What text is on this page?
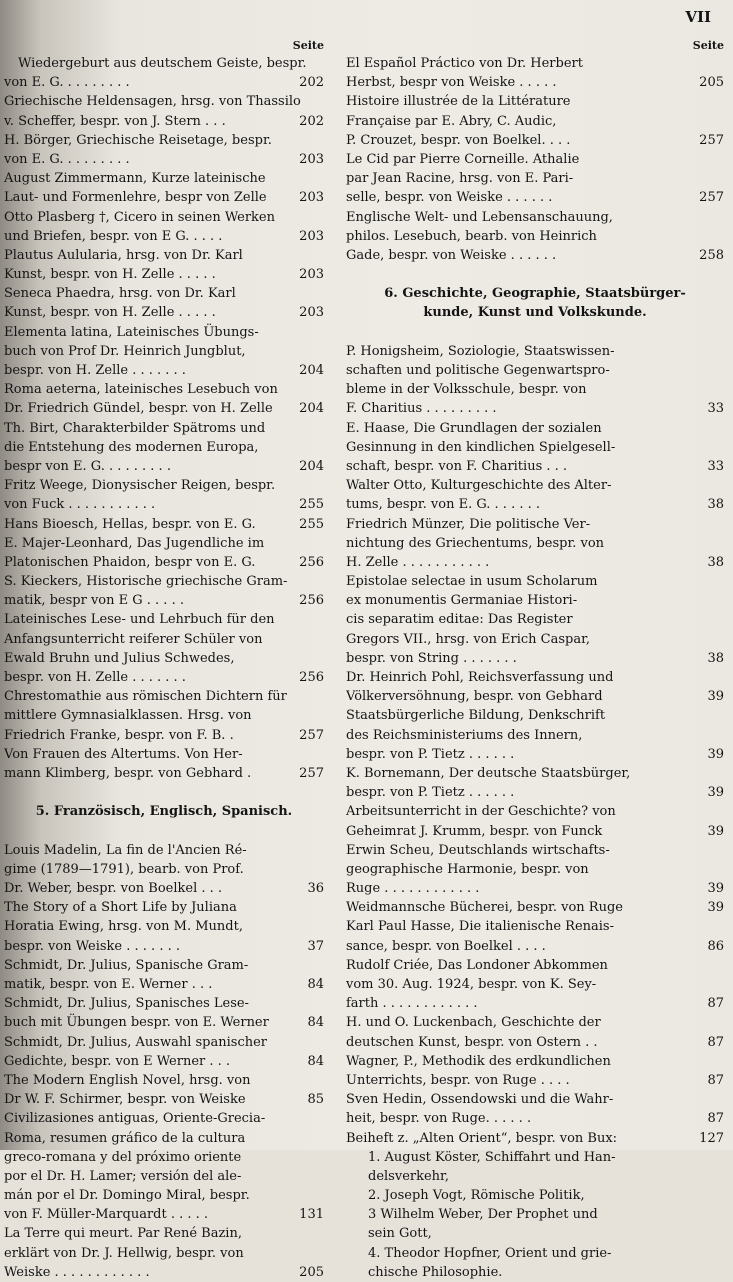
VII
Seite
Wiedergeburt aus deutschem Geiste, bespr.
von E. G. . . . . . . . .	202
Griechische Heldensagen, hrsg. von Thassilo
v. Scheffer, bespr. von J. Stern . . .	202
H. Börger, Griechische Reisetage, bespr.
von E. G. . . . . . . . .	203
August Zimmermann, Kurze lateinische
Laut- und Formenlehre, bespr von Zelle	203
Otto Plasberg †, Cicero in seinen Werken
und Briefen, bespr. von E G. . . . .	203
Plautus Aulularia, hrsg. von Dr. Karl
Kunst, bespr. von H. Zelle . . . . .	203
Seneca Phaedra, hrsg. von Dr. Karl
Kunst, bespr. von H. Zelle . . . . .	203
Elementa latina, Lateinisches Übungs-
buch von Prof Dr. Heinrich Jungblut,
bespr. von H. Zelle . . . . . . .	204
Roma aeterna, lateinisches Lesebuch von
Dr. Friedrich Gündel, bespr. von H. Zelle	204
Th. Birt, Charakterbilder Spätroms und
die Entstehung des modernen Europa,
bespr von E. G. . . . . . . . .	204
Fritz Weege, Dionysischer Reigen, bespr.
von Fuck . . . . . . . . . . .	255
Hans Bioesch, Hellas, bespr. von E. G.	255
E. Majer-Leonhard, Das Jugendliche im
Platonischen Phaidon, bespr von E. G.	256
S. Kieckers, Historische griechische Gram-
matik, bespr von E G . . . . .	256
Lateinisches Lese- und Lehrbuch für den
Anfangsunterricht reiferer Schüler von
Ewald Bruhn und Julius Schwedes,
bespr. von H. Zelle . . . . . . .	256
Chrestomathie aus römischen Dichtern für
mittlere Gymnasialklassen. Hrsg. von
Friedrich Franke, bespr. von F. B. .	257
Von Frauen des Altertums. Von Her-
mann Klimberg, bespr. von Gebhard .	257
5. Französisch, Englisch, Spanisch.
Louis Madelin, La fin de l'Ancien Ré-
gime (1789—1791), bearb. von Prof.
Dr. Weber, bespr. von Boelkel . . .	36
The Story of a Short Life by Juliana
Horatia Ewing, hrsg. von M. Mundt,
bespr. von Weiske . . . . . . .	37
Schmidt, Dr. Julius, Spanische Gram-
matik, bespr. von E. Werner . . .	84
Schmidt, Dr. Julius, Spanisches Lese-
buch mit Übungen bespr. von E. Werner	84
Schmidt, Dr. Julius, Auswahl spanischer
Gedichte, bespr. von E Werner . . .	84
The Modern English Novel, hrsg. von
Dr W. F. Schirmer, bespr. von Weiske	85
Civilizasiones antiguas, Oriente-Grecia-
Roma, resumen gráfico de la cultura
greco-romana y del próximo oriente
por el Dr. H. Lamer; versión del ale-
mán por el Dr. Domingo Miral, bespr.
von F. Müller-Marquardt . . . . .	131
La Terre qui meurt. Par René Bazin,
erklärt von Dr. J. Hellwig, bespr. von
Weiske . . . . . . . . . . . .	205
Seite
El Español Práctico von Dr. Herbert
Herbst, bespr von Weiske . . . . .	205
Histoire illustrée de la Littérature
Française par E. Abry, C. Audic,
P. Crouzet, bespr. von Boelkel. . . .	257
Le Cid par Pierre Corneille. Athalie
par Jean Racine, hrsg. von E. Pari-
selle, bespr. von Weiske . . . . . .	257
Englische Welt- und Lebensanschauung,
philos. Lesebuch, bearb. von Heinrich
Gade, bespr. von Weiske . . . . . .	258
6. Geschichte, Geographie, Staatsbürger-
kunde, Kunst und Volkskunde.
P. Honigsheim, Soziologie, Staatswissen-
schaften und politische Gegenwartspro-
bleme in der Volksschule, bespr. von
F. Charitius . . . . . . . . .	33
E. Haase, Die Grundlagen der sozialen
Gesinnung in den kindlichen Spielgesell-
schaft, bespr. von F. Charitius . . .	33
Walter Otto, Kulturgeschichte des Alter-
tums, bespr. von E. G. . . . . . .	38
Friedrich Münzer, Die politische Ver-
nichtung des Griechentums, bespr. von
H. Zelle . . . . . . . . . . .	38
Epistolae selectae in usum Scholarum
ex monumentis Germaniae Histori-
cis separatim editae: Das Register
Gregors VII., hrsg. von Erich Caspar,
bespr. von String . . . . . . .	38
Dr. Heinrich Pohl, Reichsverfassung und
Völkerversöhnung, bespr. von Gebhard	39
Staatsbürgerliche Bildung, Denkschrift
des Reichsministeriums des Innern,
bespr. von P. Tietz . . . . . .	39
K. Bornemann, Der deutsche Staatsbürger,
bespr. von P. Tietz . . . . . .	39
Arbeitsunterricht in der Geschichte? von
Geheimrat J. Krumm, bespr. von Funck	39
Erwin Scheu, Deutschlands wirtschafts-
geographische Harmonie, bespr. von
Ruge . . . . . . . . . . . .	39
Weidmannsche Bücherei, bespr. von Ruge	39
Karl Paul Hasse, Die italienische Renais-
sance, bespr. von Boelkel . . . .	86
Rudolf Criée, Das Londoner Abkommen
vom 30. Aug. 1924, bespr. von K. Sey-
farth . . . . . . . . . . . .	87
H. und O. Luckenbach, Geschichte der
deutschen Kunst, bespr. von Ostern . .	87
Wagner, P., Methodik des erdkundlichen
Unterrichts, bespr. von Ruge . . . .	87
Sven Hedin, Ossendowski und die Wahr-
heit, bespr. von Ruge. . . . . .	87
Beiheft z. „Alten Orient“, bespr. von Bux:	127
1. August Köster, Schiffahrt und Han-
delsverkehr,
2. Joseph Vogt, Römische Politik,
3 Wilhelm Weber, Der Prophet und
sein Gott,
4. Theodor Hopfner, Orient und grie-
chische Philosophie.
